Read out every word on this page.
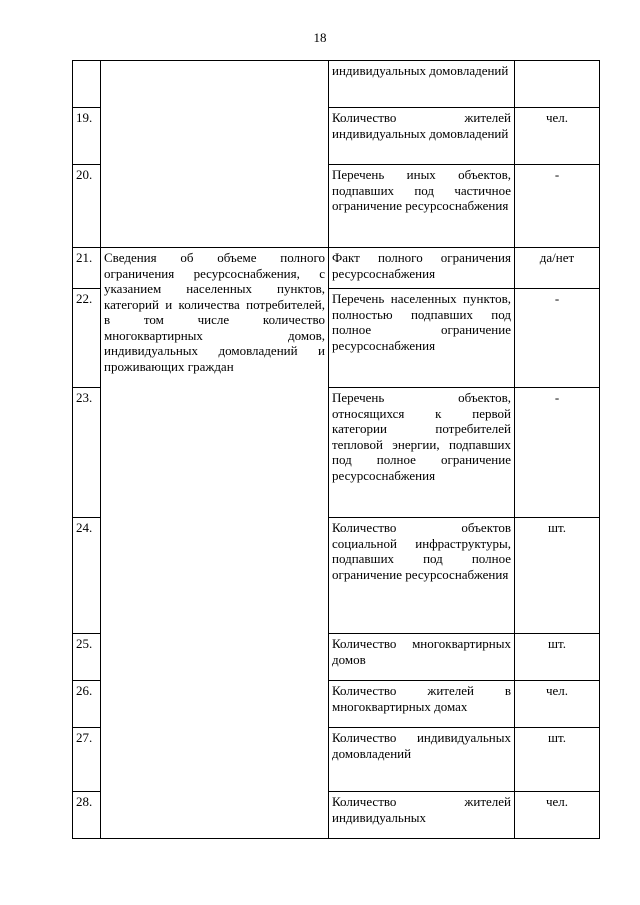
18
		индивидуальных домовладений	
19.		Количество жителей индивидуальных домовладений	чел.
20.		Перечень иных объектов, подпавших под частичное ограничение ресурсоснабжения	-
21.	Сведения об объеме полного ограничения ресурсоснабжения, с указанием населенных пунктов, категорий и количества потребителей, в том числе количество многоквартирных домов, индивидуальных домовладений и проживающих граждан	Факт полного ограничения ресурсоснабжения	да/нет
22.		Перечень населенных пунктов, полностью подпавших под полное ограничение ресурсоснабжения	-
23.		Перечень объектов, относящихся к первой категории потребителей тепловой энергии, подпавших под полное ограничение ресурсоснабжения	-
24.		Количество объектов социальной инфраструктуры, подпавших под полное ограничение ресурсоснабжения	шт.
25.		Количество многоквартирных домов	шт.
26.		Количество жителей в многоквартирных домах	чел.
27.		Количество индивидуальных домовладений	шт.
28.		Количество жителей индивидуальных	чел.
